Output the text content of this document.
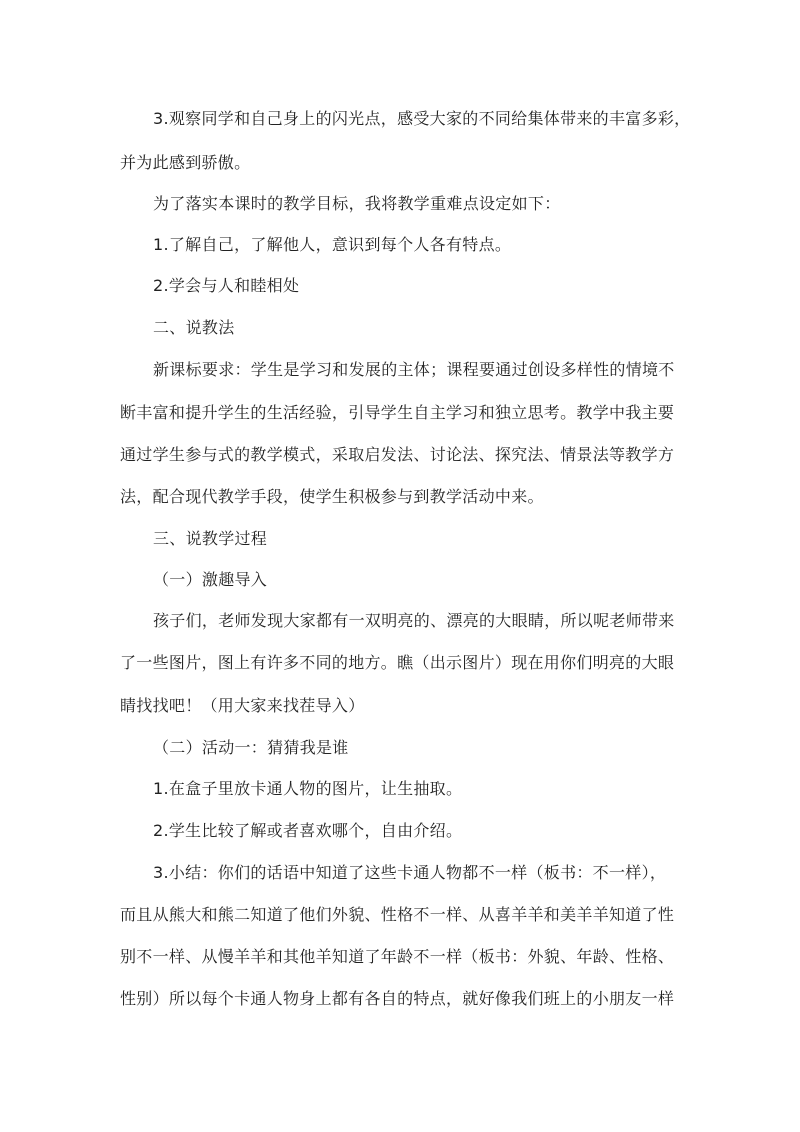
3.观察同学和自己身上的闪光点，感受大家的不同给集体带来的丰富多彩，
并为此感到骄傲。
为了落实本课时的教学目标，我将教学重难点设定如下：
1.了解自己，了解他人，意识到每个人各有特点。
2.学会与人和睦相处
二、说教法
新课标要求：学生是学习和发展的主体；课程要通过创设多样性的情境不
断丰富和提升学生的生活经验，引导学生自主学习和独立思考。教学中我主要
通过学生参与式的教学模式，采取启发法、讨论法、探究法、情景法等教学方
法，配合现代教学手段，使学生积极参与到教学活动中来。
三、说教学过程
（一）激趣导入
孩子们，老师发现大家都有一双明亮的、漂亮的大眼睛，所以呢老师带来
了一些图片，图上有许多不同的地方。瞧（出示图片）现在用你们明亮的大眼
睛找找吧！（用大家来找茬导入）
（二）活动一：猜猜我是谁
1.在盒子里放卡通人物的图片，让生抽取。
2.学生比较了解或者喜欢哪个，自由介绍。
3.小结：你们的话语中知道了这些卡通人物都不一样（板书：不一样），
而且从熊大和熊二知道了他们外貌、性格不一样、从喜羊羊和美羊羊知道了性
别不一样、从慢羊羊和其他羊知道了年龄不一样（板书：外貌、年龄、性格、
性别）所以每个卡通人物身上都有各自的特点，就好像我们班上的小朋友一样
